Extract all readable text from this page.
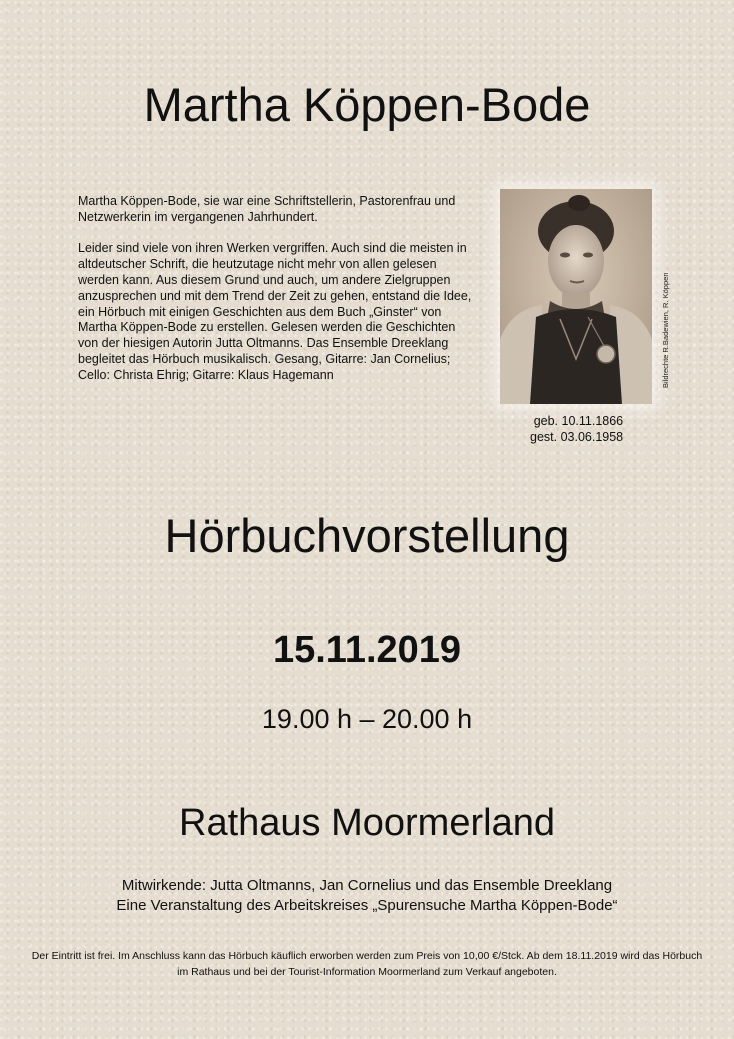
Martha Köppen-Bode

Martha Köppen-Bode, sie war eine Schriftstellerin, Pastorenfrau und Netzwerkerin im vergangenen Jahrhundert.

Leider sind viele von ihren Werken vergriffen. Auch sind die meisten in altdeutscher Schrift, die heutzutage nicht mehr von allen gelesen werden kann. Aus diesem Grund und auch, um andere Zielgruppen anzusprechen und mit dem Trend der Zeit zu gehen, entstand die Idee, ein Hörbuch mit einigen Geschichten aus dem Buch „Ginster“ von Martha Köppen-Bode zu erstellen. Gelesen werden die Geschichten von der hiesigen Autorin Jutta Oltmanns. Das Ensemble Dreeklang begleitet das Hörbuch musikalisch. Gesang, Gitarre: Jan Cornelius; Cello: Christa Ehrig; Gitarre: Klaus Hagemann	Bildrechte R.Badewien, R. Köppen
geb. 10.11.1866
gest. 03.06.1958
Hörbuchvorstellung
15.11.2019
19.00 h – 20.00 h
Rathaus Moormerland
Mitwirkende: Jutta Oltmanns, Jan Cornelius und das Ensemble Dreeklang
Eine Veranstaltung des Arbeitskreises „Spurensuche Martha Köppen-Bode“
Der Eintritt ist frei. Im Anschluss kann das Hörbuch käuflich erworben werden zum Preis von 10,00 €/Stck. Ab dem 18.11.2019 wird das Hörbuch im Rathaus und bei der Tourist-Information Moormerland zum Verkauf angeboten.
